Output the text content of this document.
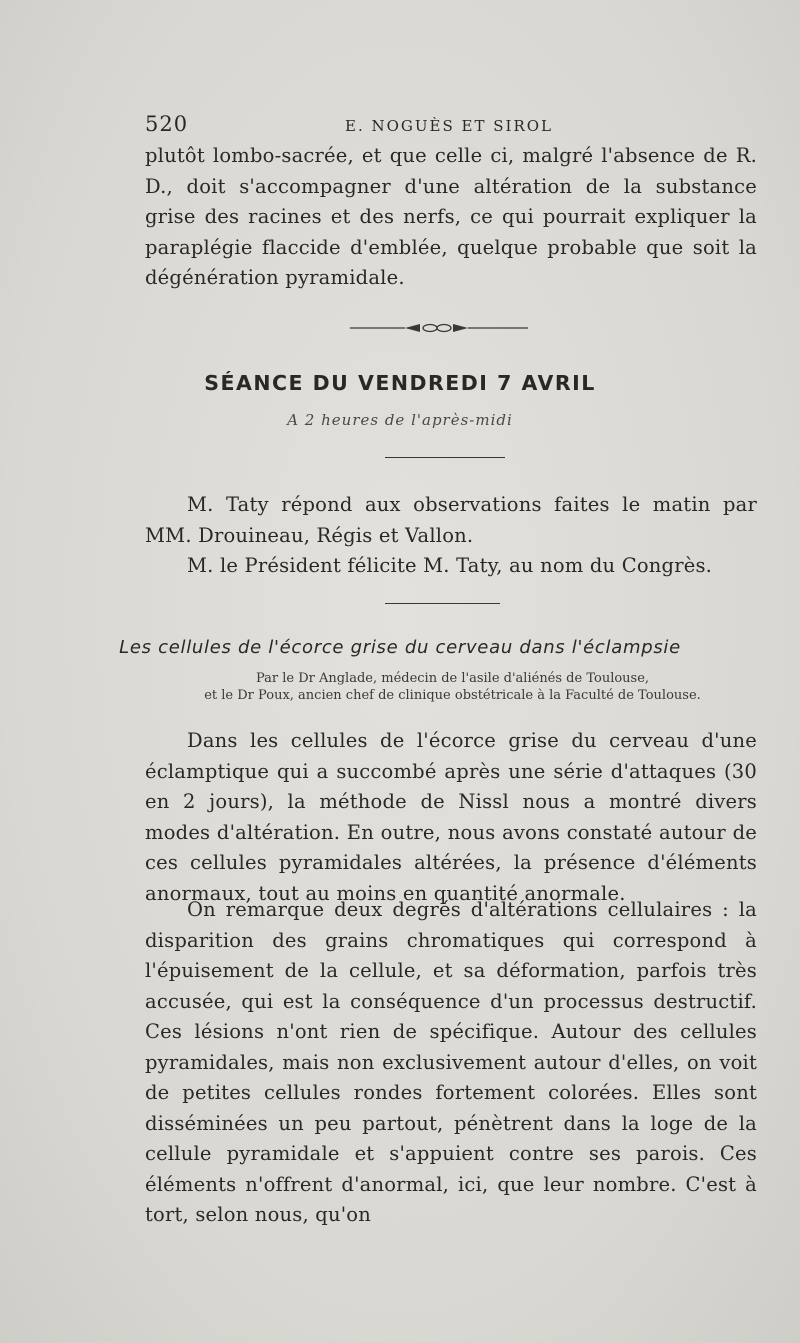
520	E. NOGUÈS ET SIROL

plutôt lombo-sacrée, et que celle ci, malgré l'absence de R. D., doit s'accompagner d'une altération de la substance grise des racines et des nerfs, ce qui pourrait expliquer la paraplégie flaccide d'emblée, quelque probable que soit la dégénération pyramidale.

SÉANCE DU VENDREDI 7 AVRIL
A 2 heures de l'après-midi

M. Taty répond aux observations faites le matin par MM. Drouineau, Régis et Vallon.

M. le Président félicite M. Taty, au nom du Congrès.

Les cellules de l'écorce grise du cerveau dans l'éclampsie
Par le Dr Anglade, médecin de l'asile d'aliénés de Toulouse,
et le Dr Poux, ancien chef de clinique obstétricale à la Faculté de Toulouse.

Dans les cellules de l'écorce grise du cerveau d'une éclamptique qui a succombé après une série d'attaques (30 en 2 jours), la méthode de Nissl nous a montré divers modes d'altération. En outre, nous avons constaté autour de ces cellules pyramidales altérées, la présence d'éléments anormaux, tout au moins en quantité anormale.

On remarque deux degrés d'altérations cellulaires : la disparition des grains chromatiques qui correspond à l'épuisement de la cellule, et sa déformation, parfois très accusée, qui est la conséquence d'un processus destructif. Ces lésions n'ont rien de spécifique. Autour des cellules pyramidales, mais non exclusivement autour d'elles, on voit de petites cellules rondes fortement colorées. Elles sont disséminées un peu partout, pénètrent dans la loge de la cellule pyramidale et s'appuient contre ses parois. Ces éléments n'offrent d'anormal, ici, que leur nombre. C'est à tort, selon nous, qu'on
